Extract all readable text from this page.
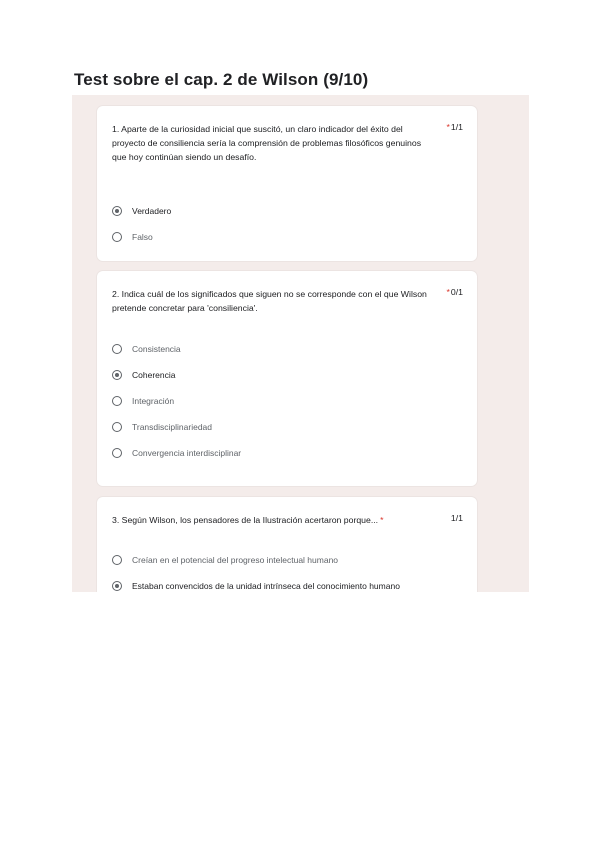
Test sobre el cap. 2 de Wilson (9/10)
1. Aparte de la curiosidad inicial que suscitó, un claro indicador del éxito del proyecto de consiliencia sería la comprensión de problemas filosóficos genuinos que hoy continúan siendo un desafío.
*1/1
Verdadero
Falso
2. Indica cuál de los significados que siguen no se corresponde con el que Wilson pretende concretar para 'consiliencia'.
*0/1
Consistencia
Coherencia
Integración
Transdisciplinariedad
Convergencia interdisciplinar
3. Según Wilson, los pensadores de la Ilustración acertaron porque... *	1/1
Creían en el potencial del progreso intelectual humano
Estaban convencidos de la unidad intrínseca del conocimiento humano
